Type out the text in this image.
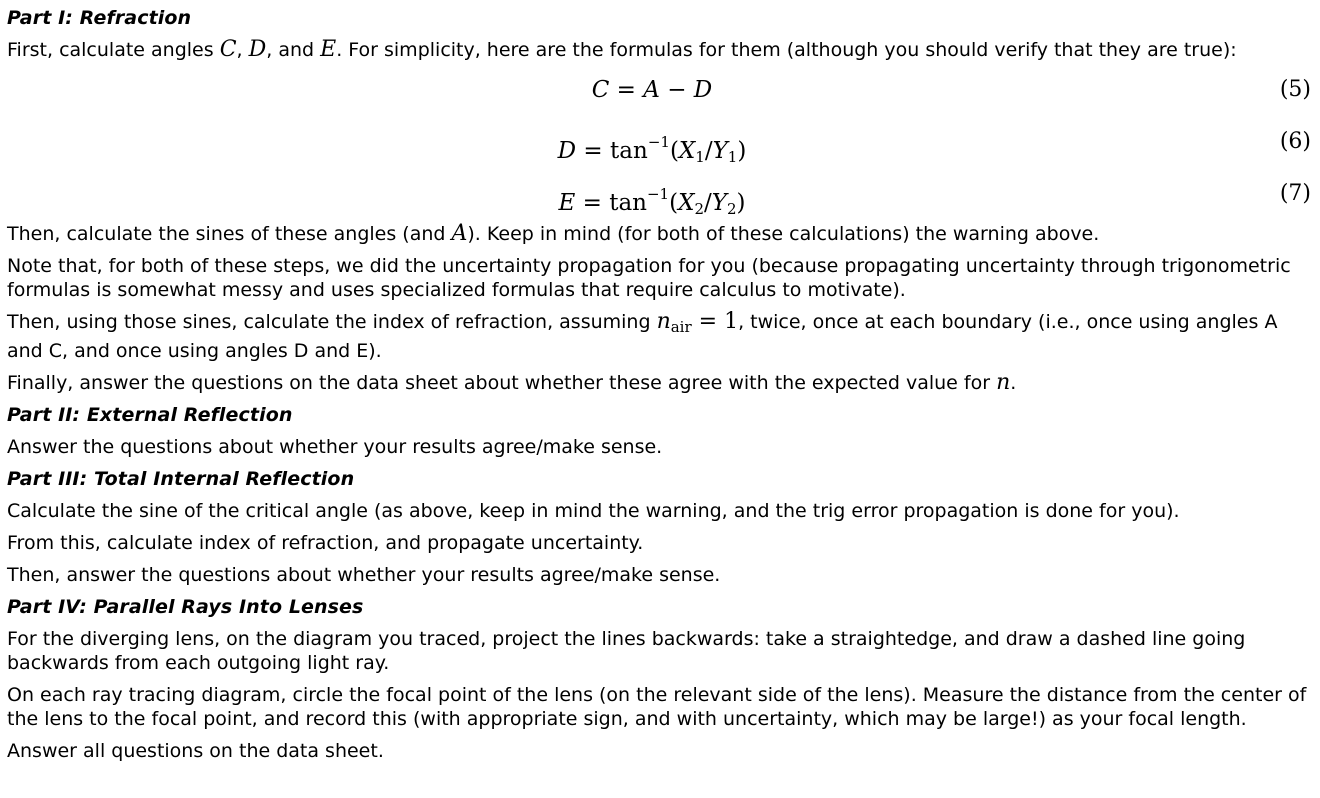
Part I: Refraction
First, calculate angles C, D, and E. For simplicity, here are the formulas for them (although you should verify that they are true):
C = A − D	(5)
$D = \tan^{-1}(X_1/Y_1)$	(6)
$E = \tan^{-1}(X_2/Y_2)$	(7)
Then, calculate the sines of these angles (and A). Keep in mind (for both of these calculations) the warning above.
Note that, for both of these steps, we did the uncertainty propagation for you (because propagating uncertainty through trigonometric formulas is somewhat messy and uses specialized formulas that require calculus to motivate).
Then, using those sines, calculate the index of refraction, assuming $n_{air} = 1$, twice, once at each boundary (i.e., once using angles A and C, and once using angles D and E).
Finally, answer the questions on the data sheet about whether these agree with the expected value for n.
Part II: External Reflection
Answer the questions about whether your results agree/make sense.
Part III: Total Internal Reflection
Calculate the sine of the critical angle (as above, keep in mind the warning, and the trig error propagation is done for you).
From this, calculate index of refraction, and propagate uncertainty.
Then, answer the questions about whether your results agree/make sense.
Part IV: Parallel Rays Into Lenses
For the diverging lens, on the diagram you traced, project the lines backwards: take a straightedge, and draw a dashed line going backwards from each outgoing light ray.
On each ray tracing diagram, circle the focal point of the lens (on the relevant side of the lens). Measure the distance from the center of the lens to the focal point, and record this (with appropriate sign, and with uncertainty, which may be large!) as your focal length.
Answer all questions on the data sheet.
